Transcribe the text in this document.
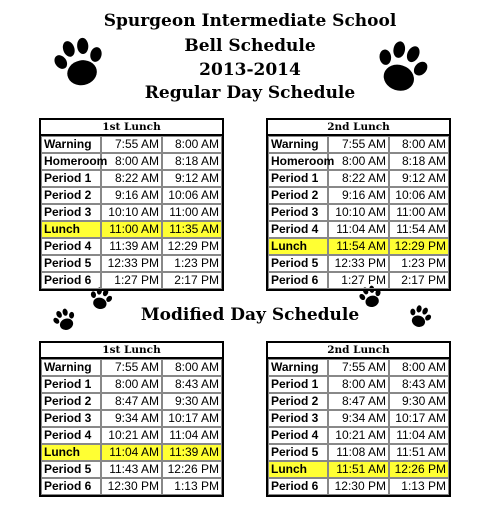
Spurgeon Intermediate School
Bell Schedule
2013-2014
Regular Day Schedule
Modified Day Schedule
1st Lunch		
Warning	7:55 AM	8:00 AM
Homeroom	8:00 AM	8:18 AM
Period 1	8:22 AM	9:12 AM
Period 2	9:16 AM	10:06 AM
Period 3	10:10 AM	11:00 AM
Lunch	11:00 AM	11:35 AM
Period 4	11:39 AM	12:29 PM
Period 5	12:33 PM	1:23 PM
Period 6	1:27 PM	2:17 PM
2nd Lunch		
Warning	7:55 AM	8:00 AM
Homeroom	8:00 AM	8:18 AM
Period 1	8:22 AM	9:12 AM
Period 2	9:16 AM	10:06 AM
Period 3	10:10 AM	11:00 AM
Period 4	11:04 AM	11:54 AM
Lunch	11:54 AM	12:29 PM
Period 5	12:33 PM	1:23 PM
Period 6	1:27 PM	2:17 PM
1st Lunch		
Warning	7:55 AM	8:00 AM
Period 1	8:00 AM	8:43 AM
Period 2	8:47 AM	9:30 AM
Period 3	9:34 AM	10:17 AM
Period 4	10:21 AM	11:04 AM
Lunch	11:04 AM	11:39 AM
Period 5	11:43 AM	12:26 PM
Period 6	12:30 PM	1:13 PM
2nd Lunch		
Warning	7:55 AM	8:00 AM
Period 1	8:00 AM	8:43 AM
Period 2	8:47 AM	9:30 AM
Period 3	9:34 AM	10:17 AM
Period 4	10:21 AM	11:04 AM
Period 5	11:08 AM	11:51 AM
Lunch	11:51 AM	12:26 PM
Period 6	12:30 PM	1:13 PM
